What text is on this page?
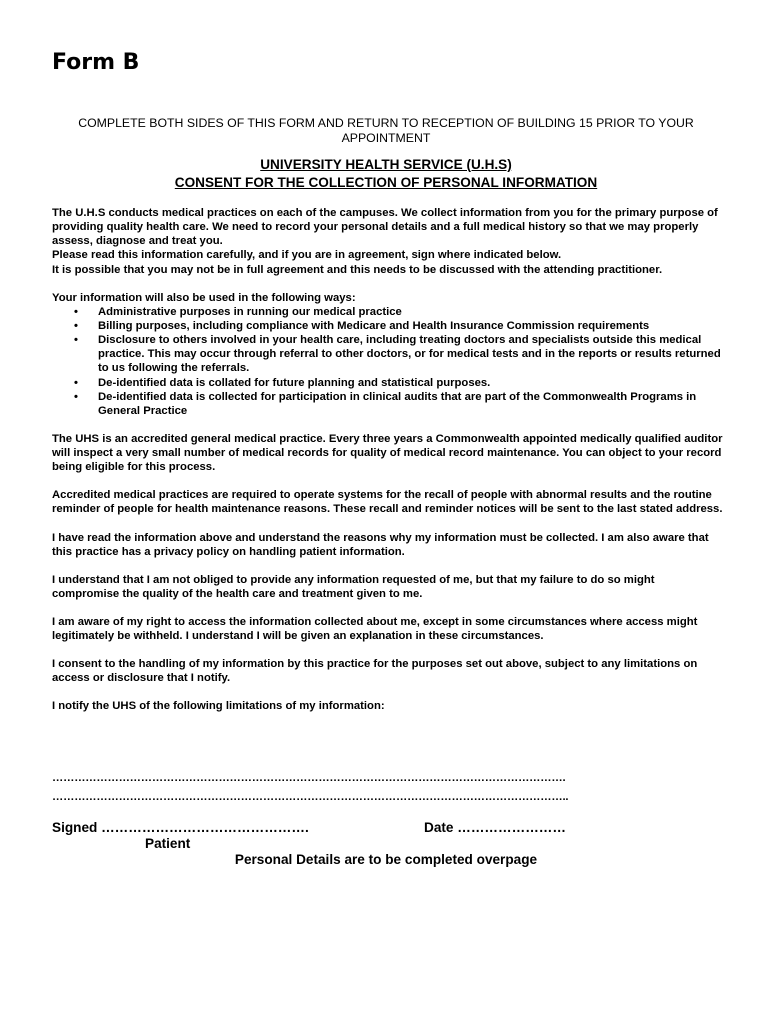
Form B
COMPLETE BOTH SIDES OF THIS FORM AND RETURN TO RECEPTION OF BUILDING 15 PRIOR TO YOUR APPOINTMENT
UNIVERSITY HEALTH SERVICE (U.H.S)
CONSENT FOR THE COLLECTION OF PERSONAL INFORMATION

The U.H.S conducts medical practices on each of the campuses. We collect information from you for the primary purpose of providing quality health care. We need to record your personal details and a full medical history so that we may properly assess, diagnose and treat you.
Please read this information carefully, and if you are in agreement, sign where indicated below.
It is possible that you may not be in full agreement and this needs to be discussed with the attending practitioner.

Your information will also be used in the following ways:

• Administrative purposes in running our medical practice
• Billing purposes, including compliance with Medicare and Health Insurance Commission requirements
• Disclosure to others involved in your health care, including treating doctors and specialists outside this medical practice. This may occur through referral to other doctors, or for medical tests and in the reports or results returned to us following the referrals.
• De-identified data is collated for future planning and statistical purposes.
• De-identified data is collected for participation in clinical audits that are part of the Commonwealth Programs in General Practice

The UHS is an accredited general medical practice. Every three years a Commonwealth appointed medically qualified auditor will inspect a very small number of medical records for quality of medical record maintenance. You can object to your record being eligible for this process.

Accredited medical practices are required to operate systems for the recall of people with abnormal results and the routine reminder of people for health maintenance reasons. These recall and reminder notices will be sent to the last stated address.

I have read the information above and understand the reasons why my information must be collected. I am also aware that this practice has a privacy policy on handling patient information.

I understand that I am not obliged to provide any information requested of me, but that my failure to do so might compromise the quality of the health care and treatment given to me.

I am aware of my right to access the information collected about me, except in some circumstances where access might legitimately be withheld. I understand I will be given an explanation in these circumstances.

I consent to the handling of my information by this practice for the purposes set out above, subject to any limitations on access or disclosure that I notify.

I notify the UHS of the following limitations of my information:

………………………………………………………………………………………………………………………….
…………………………………………………………………………………………………………………………..
Signed ……………………………………….	Date ……………………
Patient
Personal Details are to be completed overpage
